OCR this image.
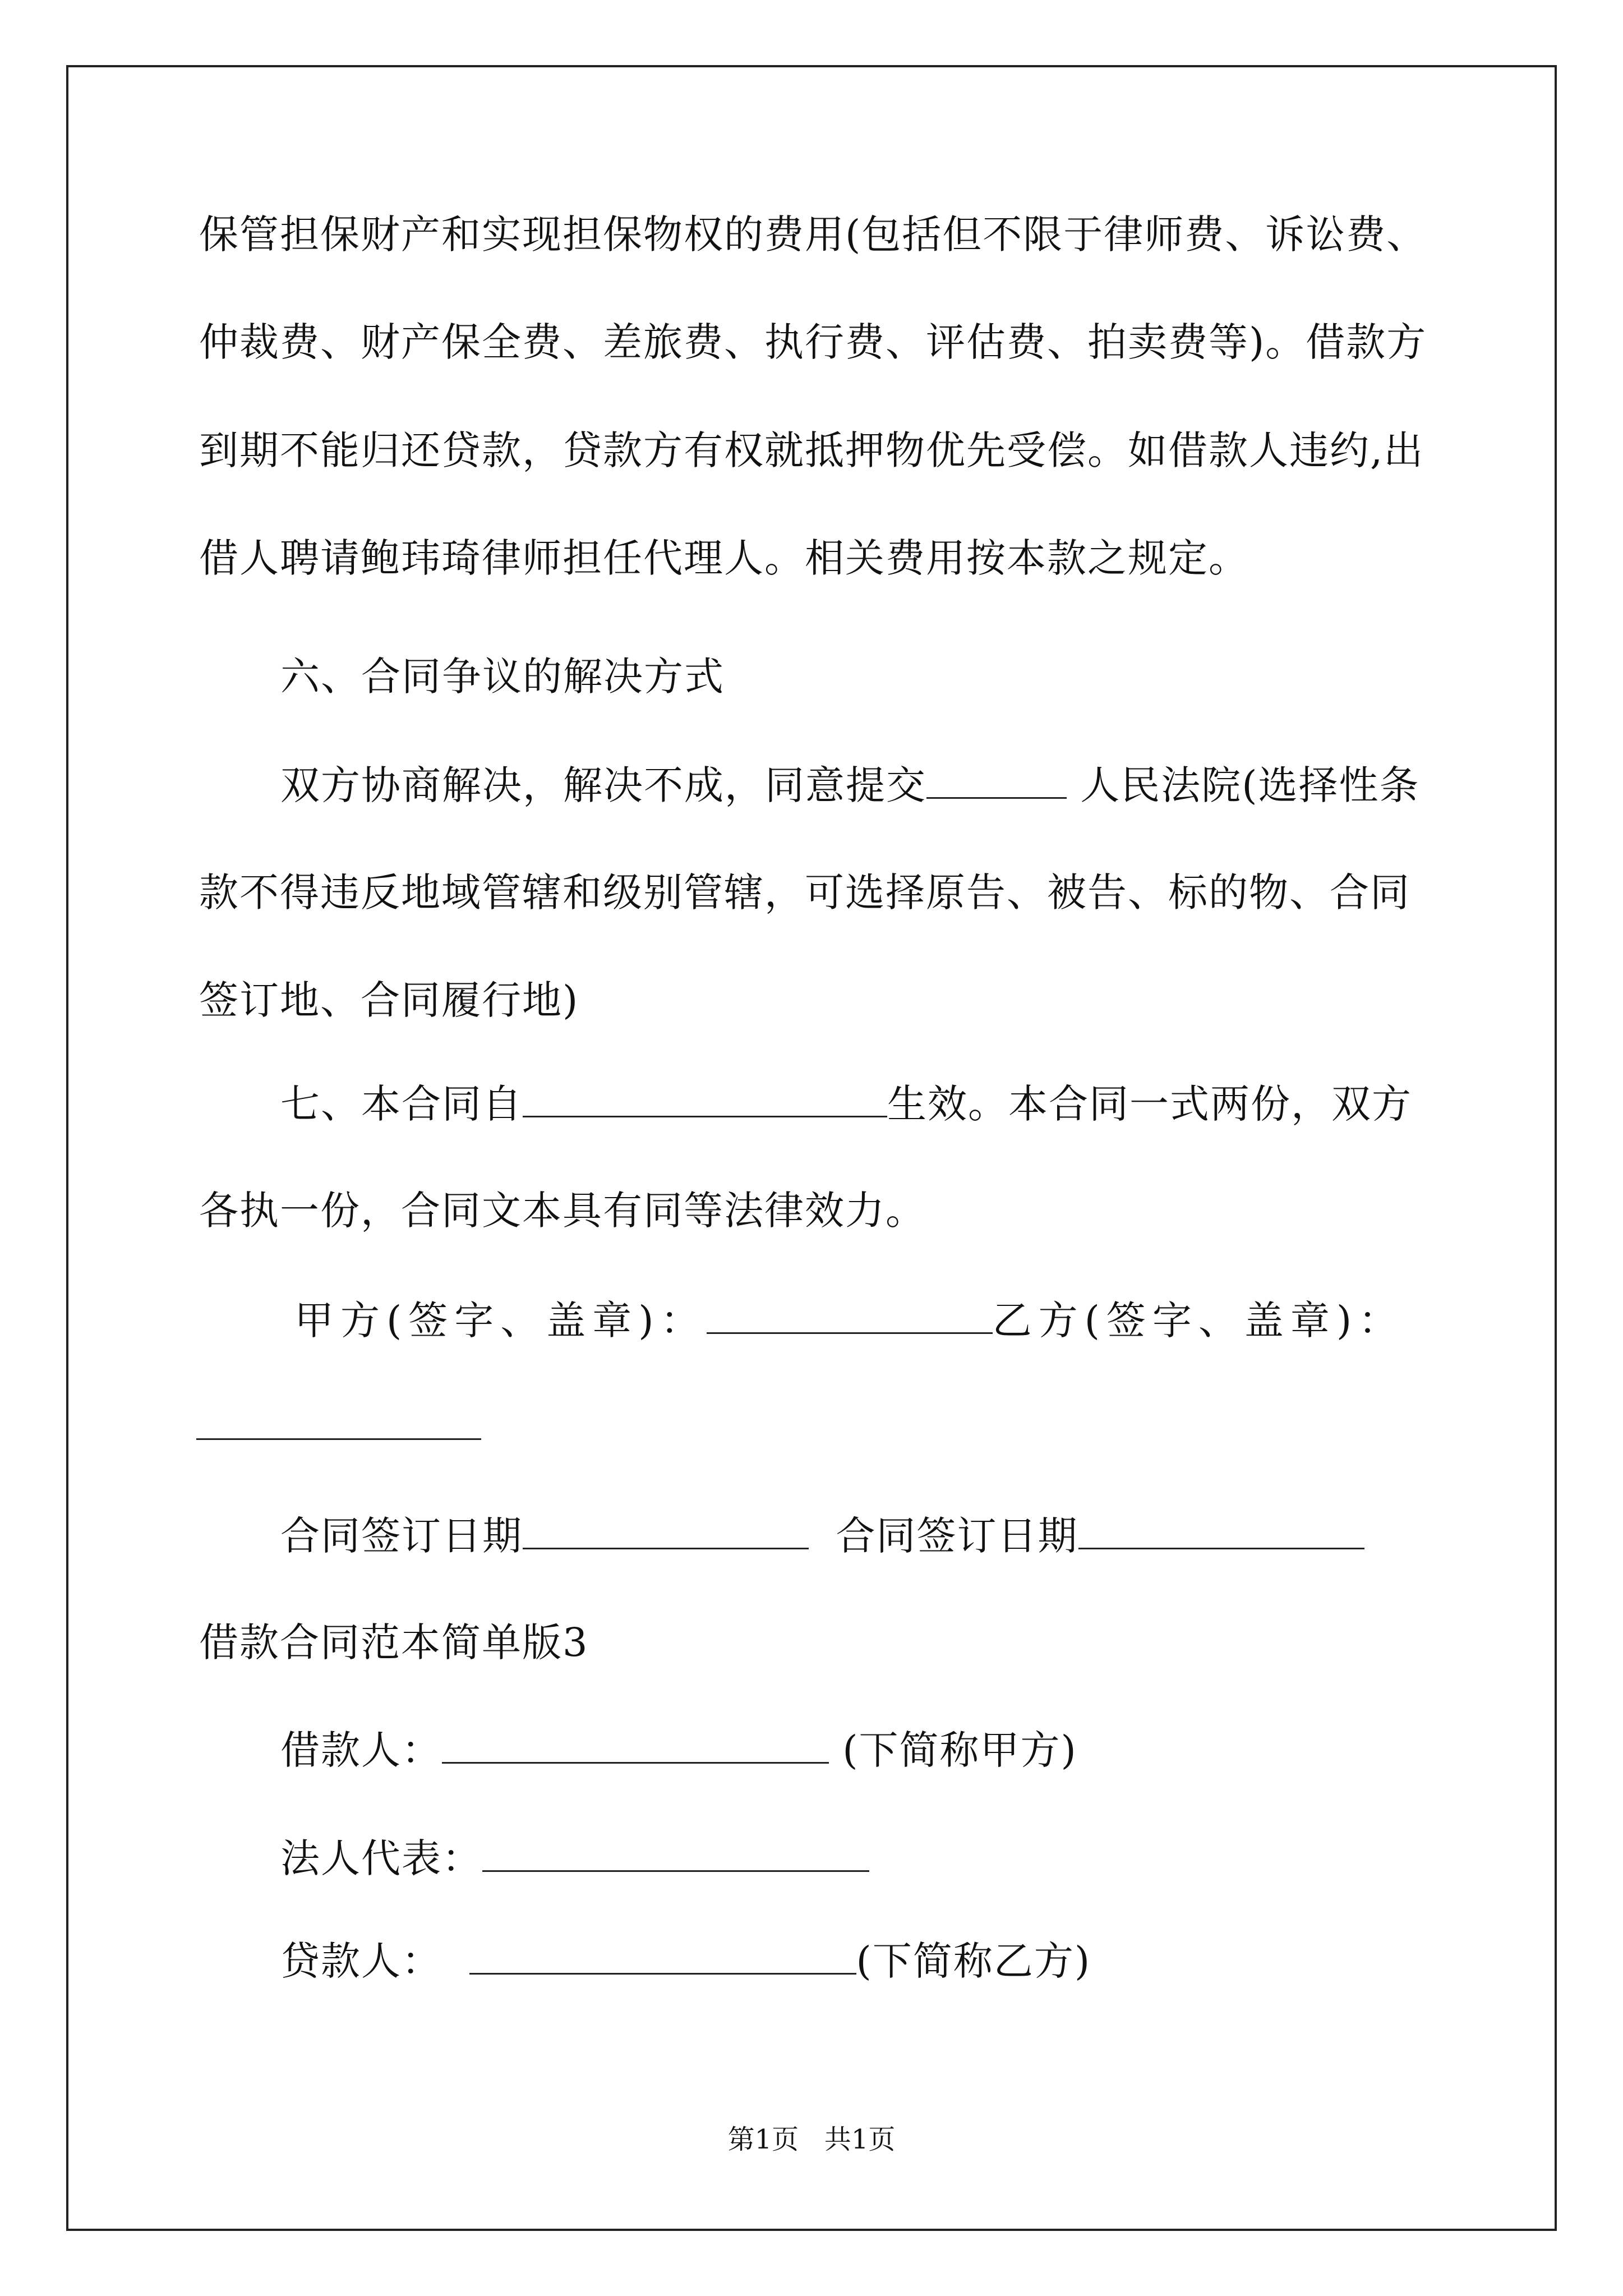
保管担保财产和实现担保物权的费用(包括但不限于律师费、诉讼费、
仲裁费、财产保全费、差旅费、执行费、评估费、拍卖费等)。借款方
到期不能归还贷款，贷款方有权就抵押物优先受偿。如借款人违约,出
借人聘请鲍玮琦律师担任代理人。相关费用按本款之规定。
六、合同争议的解决方式
双方协商解决，解决不成，同意提交	人民法院(选择性条
款不得违反地域管辖和级别管辖，可选择原告、被告、标的物、合同
签订地、合同履行地)
七、本合同自	生效。本合同一式两份，双方
各执一份，合同文本具有同等法律效力。
甲方(签字、盖章)：	乙方(签字、盖章)：
合同签订日期	合同签订日期
借款合同范本简单版3
借款人：	(下简称甲方)
法人代表：
贷款人：	(下简称乙方)
第1页   共1页
